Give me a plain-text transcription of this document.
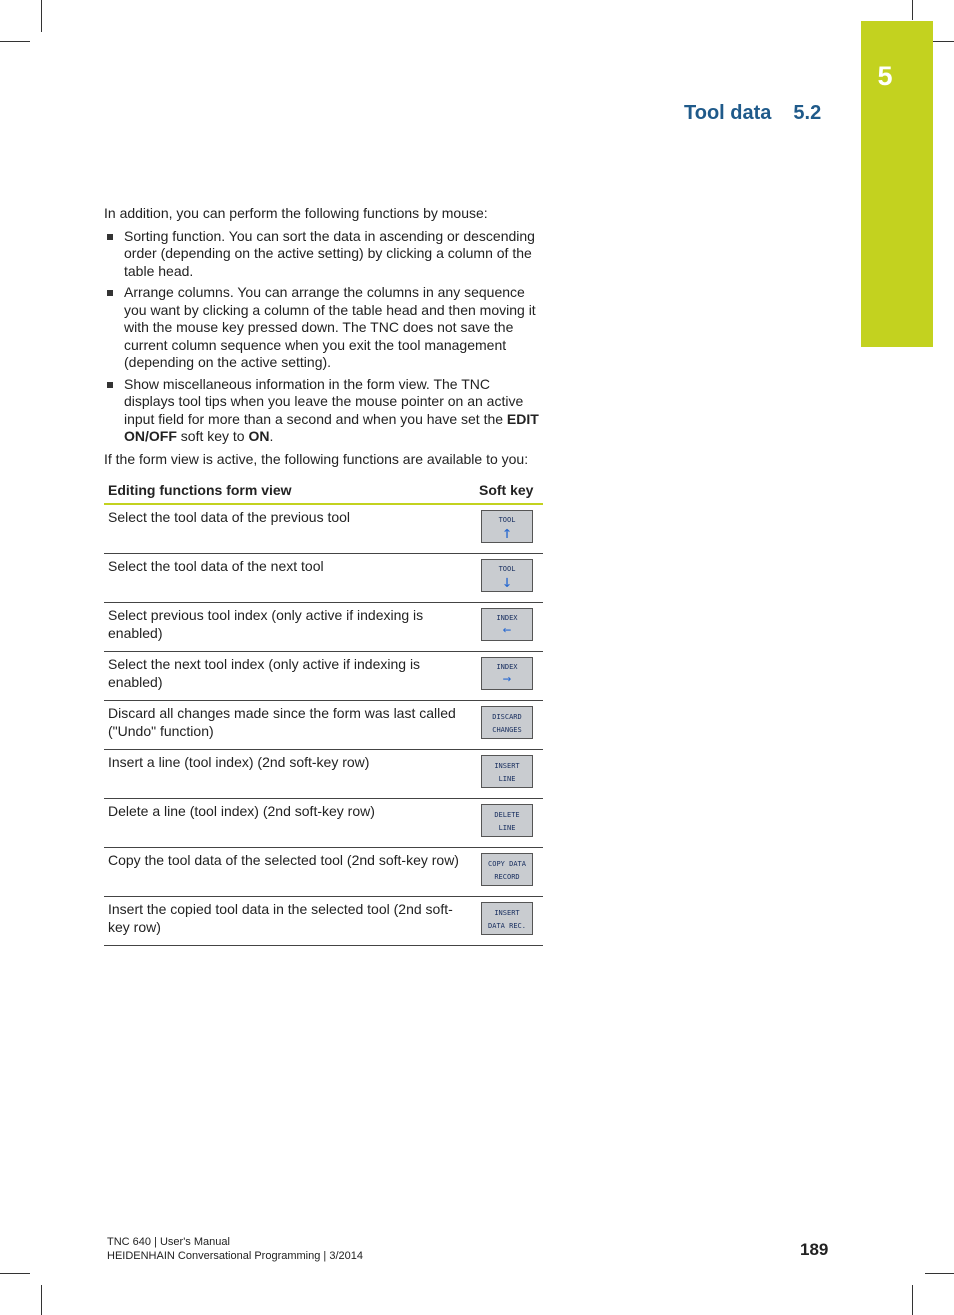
5
Tool data 5.2

In addition, you can perform the following functions by mouse:

Sorting function. You can sort the data in ascending or descending order (depending on the active setting) by clicking a column of the table head.
Arrange columns. You can arrange the columns in any sequence you want by clicking a column of the table head and then moving it with the mouse key pressed down. The TNC does not save the current column sequence when you exit the tool management (depending on the active setting).
Show miscellaneous information in the form view. The TNC displays tool tips when you leave the mouse pointer on an active input field for more than a second and when you have set the EDIT ON/OFF soft key to ON.

If the form view is active, the following functions are available to you:

Editing functions form view	Soft key
Select the tool data of the previous tool	TOOL
↑

Select the tool data of the next tool	TOOL
↓

Select previous tool index (only active if indexing is enabled)	INDEX
←

Select the next tool index (only active if indexing is enabled)	INDEX
→

Discard all changes made since the form was last called ("Undo" function)	DISCARD
CHANGES

Insert a line (tool index) (2nd soft-key row)	INSERT
LINE

Delete a line (tool index) (2nd soft-key row)	DELETE
LINE

Copy the tool data of the selected tool (2nd soft-key row)	COPY DATA
RECORD

Insert the copied tool data in the selected tool (2nd soft-key row)	INSERT
DATA REC.
TNC 640 | User's Manual
HEIDENHAIN Conversational Programming | 3/2014	189
